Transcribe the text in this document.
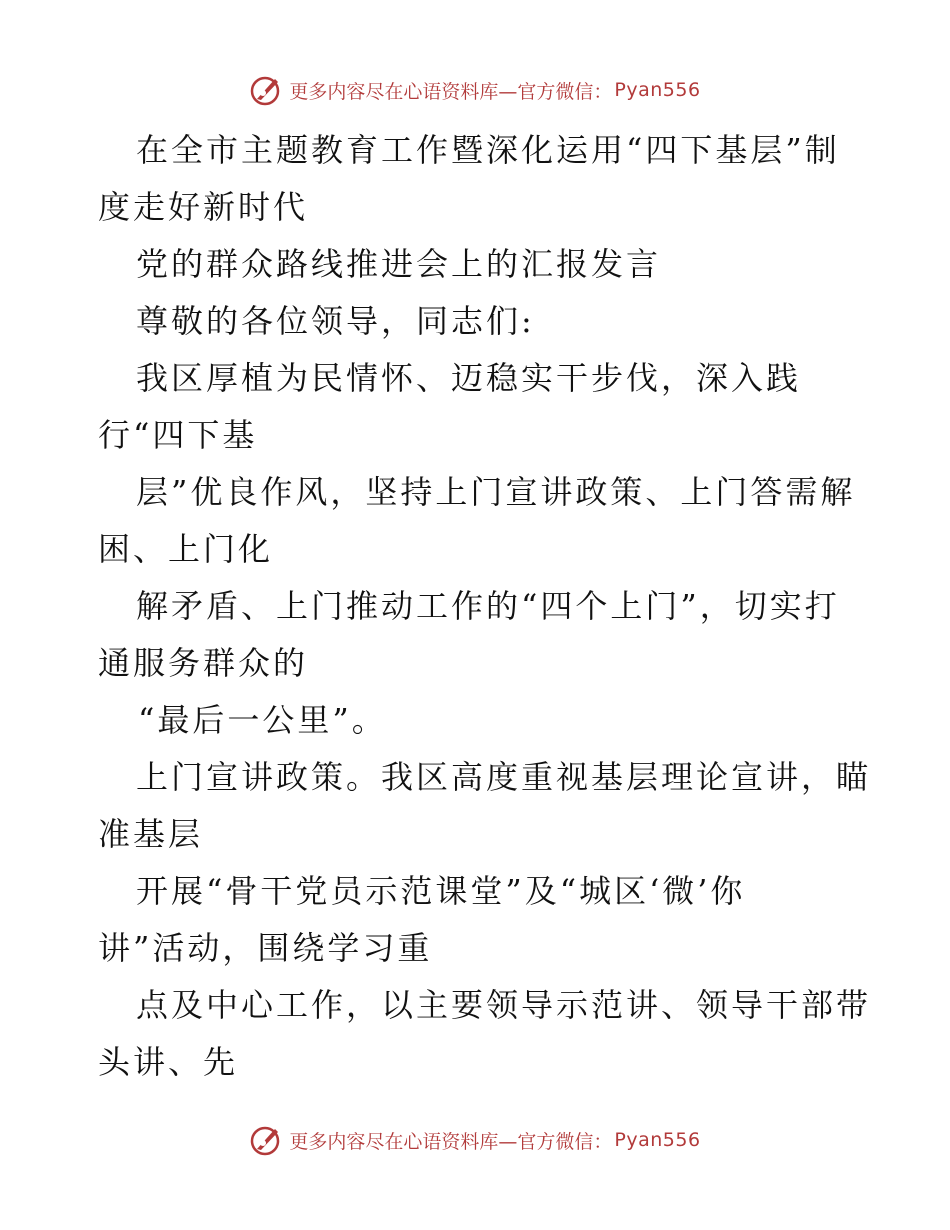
更多内容尽在心语资料库—官方微信： Pyan556
在全市主题教育工作暨深化运用“四下基层”制
度走好新时代
党的群众路线推进会上的汇报发言
尊敬的各位领导，同志们:
我区厚植为民情怀、迈稳实干步伐，深入践
行“四下基
层”优良作风，坚持上门宣讲政策、上门答需解
困、上门化
解矛盾、上门推动工作的“四个上门”，切实打
通服务群众的
“最后一公里”。
上门宣讲政策。我区高度重视基层理论宣讲，瞄
准基层
开展“骨干党员示范课堂”及“城区‘微’你
讲”活动，围绕学习重
点及中心工作，以主要领导示范讲、领导干部带
头讲、先
更多内容尽在心语资料库—官方微信： Pyan556
